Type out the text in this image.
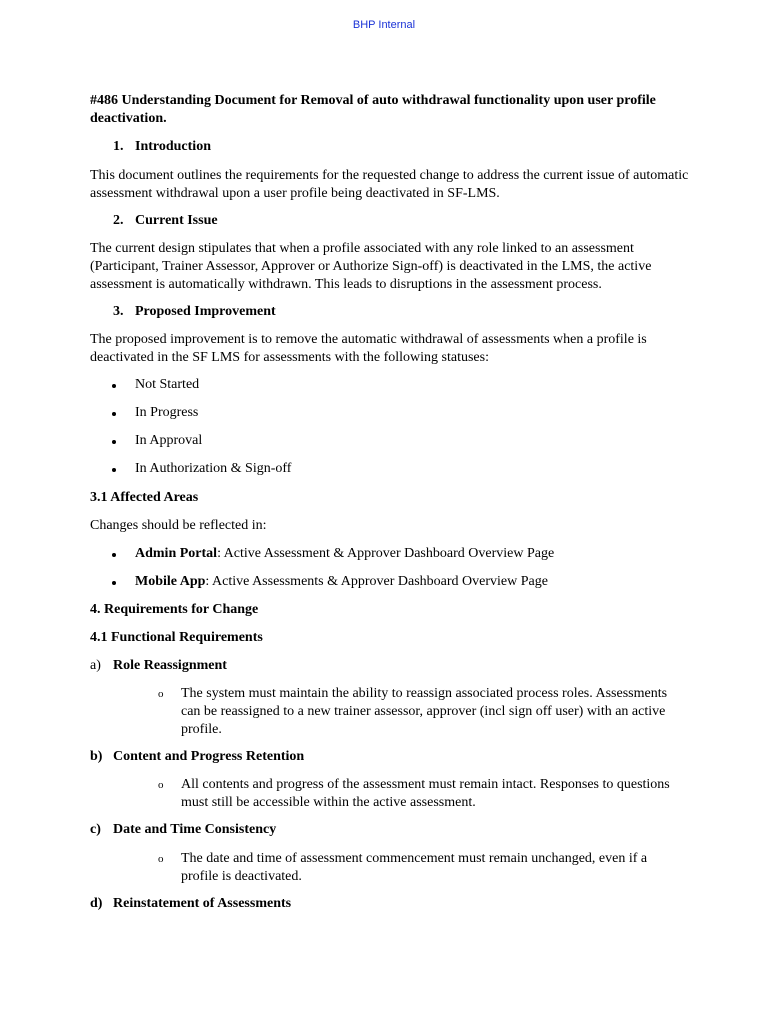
BHP Internal
#486 Understanding Document for Removal of auto withdrawal functionality upon user profile deactivation.
1. Introduction
This document outlines the requirements for the requested change to address the current issue of automatic assessment withdrawal upon a user profile being deactivated in SF-LMS.
2. Current Issue
The current design stipulates that when a profile associated with any role linked to an assessment (Participant, Trainer Assessor, Approver or Authorize Sign-off) is deactivated in the LMS, the active assessment is automatically withdrawn. This leads to disruptions in the assessment process.
3. Proposed Improvement
The proposed improvement is to remove the automatic withdrawal of assessments when a profile is deactivated in the SF LMS for assessments with the following statuses:
Not Started
In Progress
In Approval
In Authorization & Sign-off
3.1 Affected Areas
Changes should be reflected in:
Admin Portal: Active Assessment & Approver Dashboard Overview Page
Mobile App: Active Assessments & Approver Dashboard Overview Page
4. Requirements for Change
4.1 Functional Requirements
a) Role Reassignment
o The system must maintain the ability to reassign associated process roles. Assessments can be reassigned to a new trainer assessor, approver (incl sign off user) with an active profile.
b) Content and Progress Retention
o All contents and progress of the assessment must remain intact. Responses to questions must still be accessible within the active assessment.
c) Date and Time Consistency
o The date and time of assessment commencement must remain unchanged, even if a profile is deactivated.
d) Reinstatement of Assessments
